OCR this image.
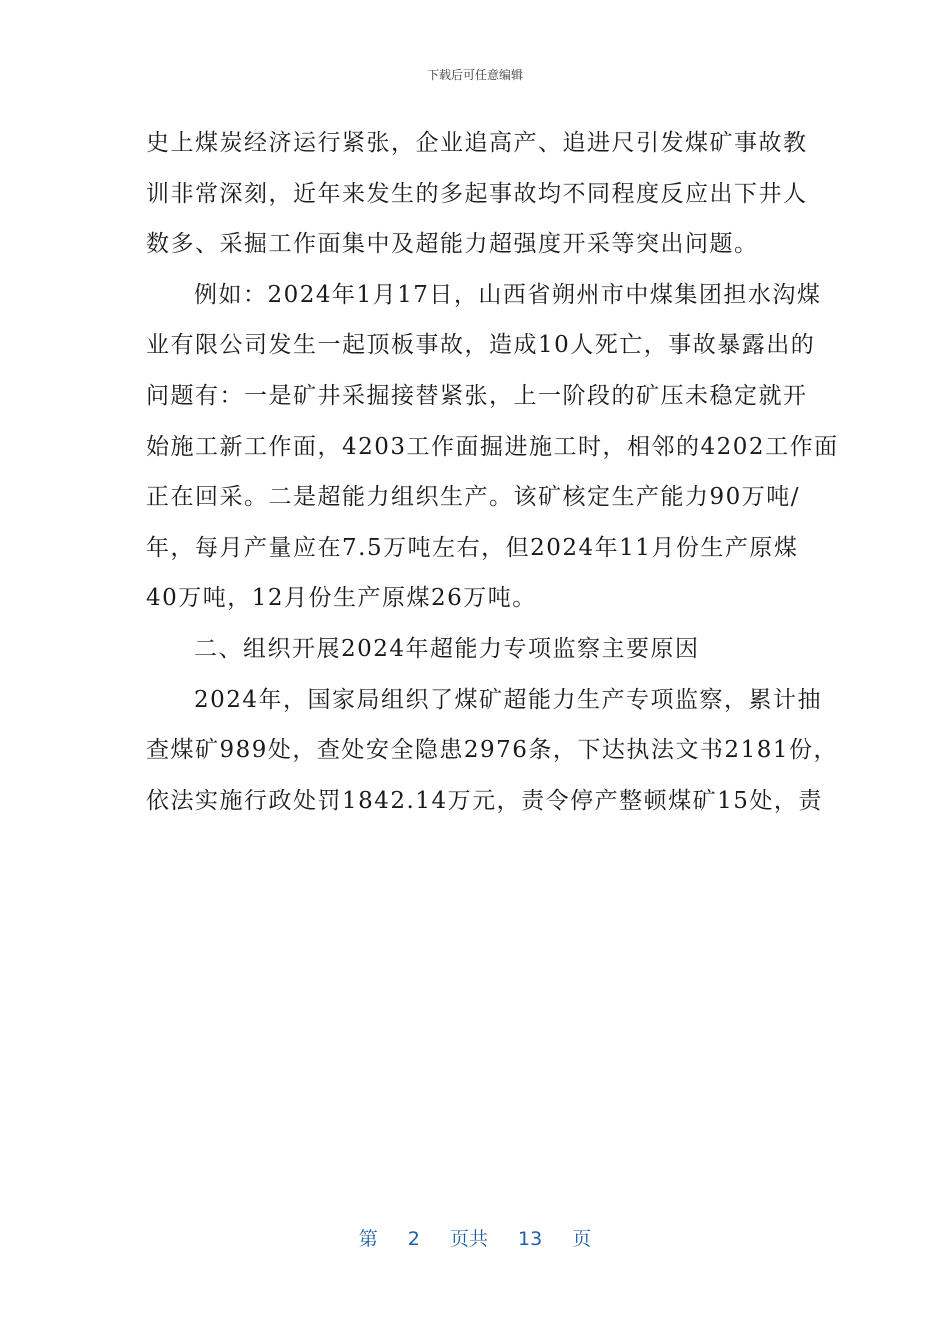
下载后可任意编辑
史上煤炭经济运行紧张，企业追高产、追进尺引发煤矿事故教
训非常深刻，近年来发生的多起事故均不同程度反应出下井人
数多、采掘工作面集中及超能力超强度开采等突出问题。
例如：2024年1月17日，山西省朔州市中煤集团担水沟煤
业有限公司发生一起顶板事故，造成10人死亡，事故暴露出的
问题有：一是矿井采掘接替紧张，上一阶段的矿压未稳定就开
始施工新工作面，4203工作面掘进施工时，相邻的4202工作面
正在回采。二是超能力组织生产。该矿核定生产能力90万吨/
年，每月产量应在7.5万吨左右，但2024年11月份生产原煤
40万吨，12月份生产原煤26万吨。
二、组织开展2024年超能力专项监察主要原因
2024年，国家局组织了煤矿超能力生产专项监察，累计抽
查煤矿989处，查处安全隐患2976条，下达执法文书2181份，
依法实施行政处罚1842.14万元，责令停产整顿煤矿15处，责
第 2 页共 13 页
